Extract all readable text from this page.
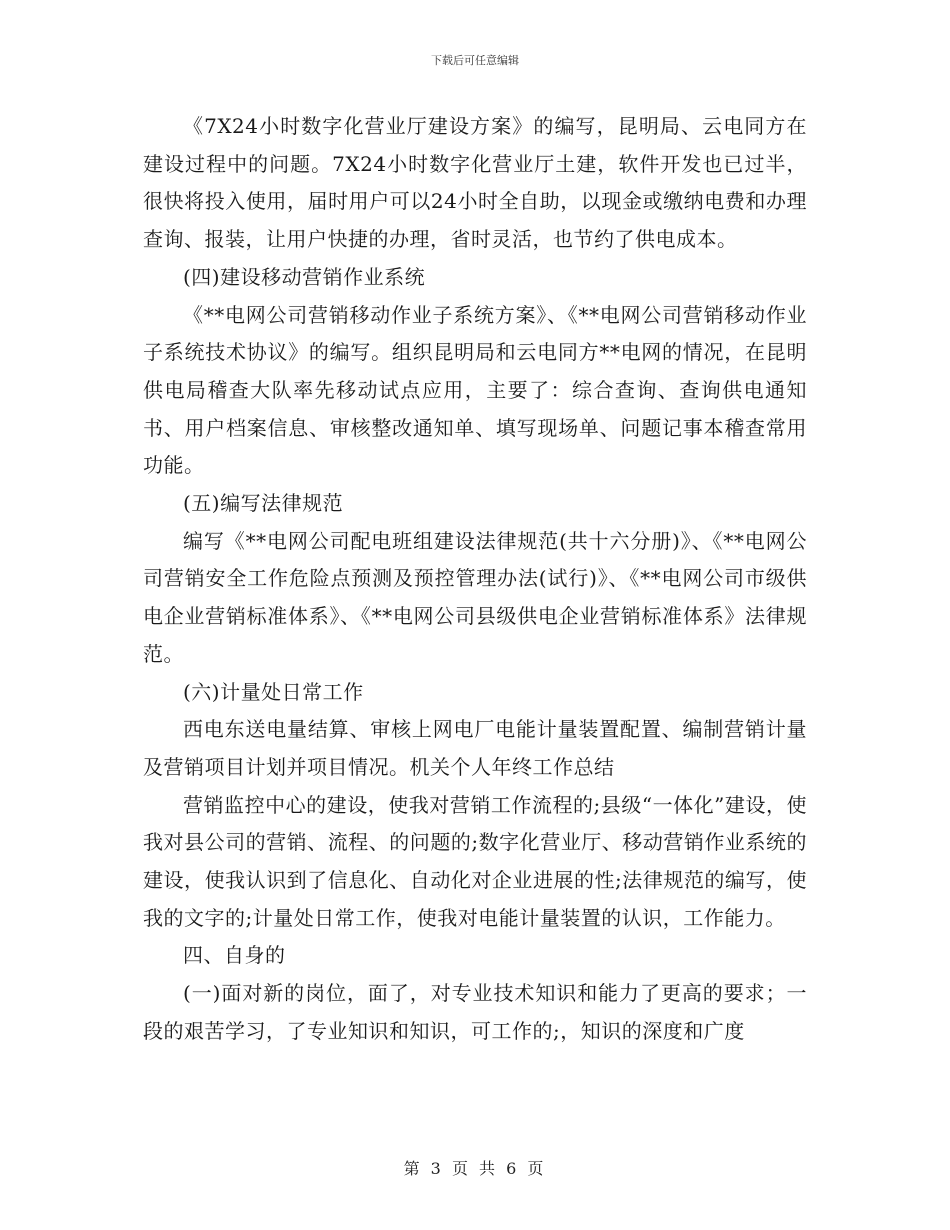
下载后可任意编辑

《7X24小时数字化营业厅建设方案》的编写，昆明局、云电同方在建设过程中的问题。7X24小时数字化营业厅土建，软件开发也已过半，很快将投入使用，届时用户可以24小时全自助，以现金或缴纳电费和办理查询、报装，让用户快捷的办理，省时灵活，也节约了供电成本。

(四)建设移动营销作业系统

《**电网公司营销移动作业子系统方案》、《**电网公司营销移动作业子系统技术协议》的编写。组织昆明局和云电同方**电网的情况，在昆明供电局稽查大队率先移动试点应用，主要了：综合查询、查询供电通知书、用户档案信息、审核整改通知单、填写现场单、问题记事本稽查常用功能。

(五)编写法律规范

编写《**电网公司配电班组建设法律规范(共十六分册)》、《**电网公司营销安全工作危险点预测及预控管理办法(试行)》、《**电网公司市级供电企业营销标准体系》、《**电网公司县级供电企业营销标准体系》法律规范。

(六)计量处日常工作

西电东送电量结算、审核上网电厂电能计量装置配置、编制营销计量及营销项目计划并项目情况。机关个人年终工作总结

营销监控中心的建设，使我对营销工作流程的;县级“一体化”建设，使我对县公司的营销、流程、的问题的;数字化营业厅、移动营销作业系统的建设，使我认识到了信息化、自动化对企业进展的性;法律规范的编写，使我的文字的;计量处日常工作，使我对电能计量装置的认识，工作能力。

四、自身的

(一)面对新的岗位，面了，对专业技术知识和能力了更高的要求；一段的艰苦学习，了专业知识和知识，可工作的;，知识的深度和广度

第 3 页 共 6 页
